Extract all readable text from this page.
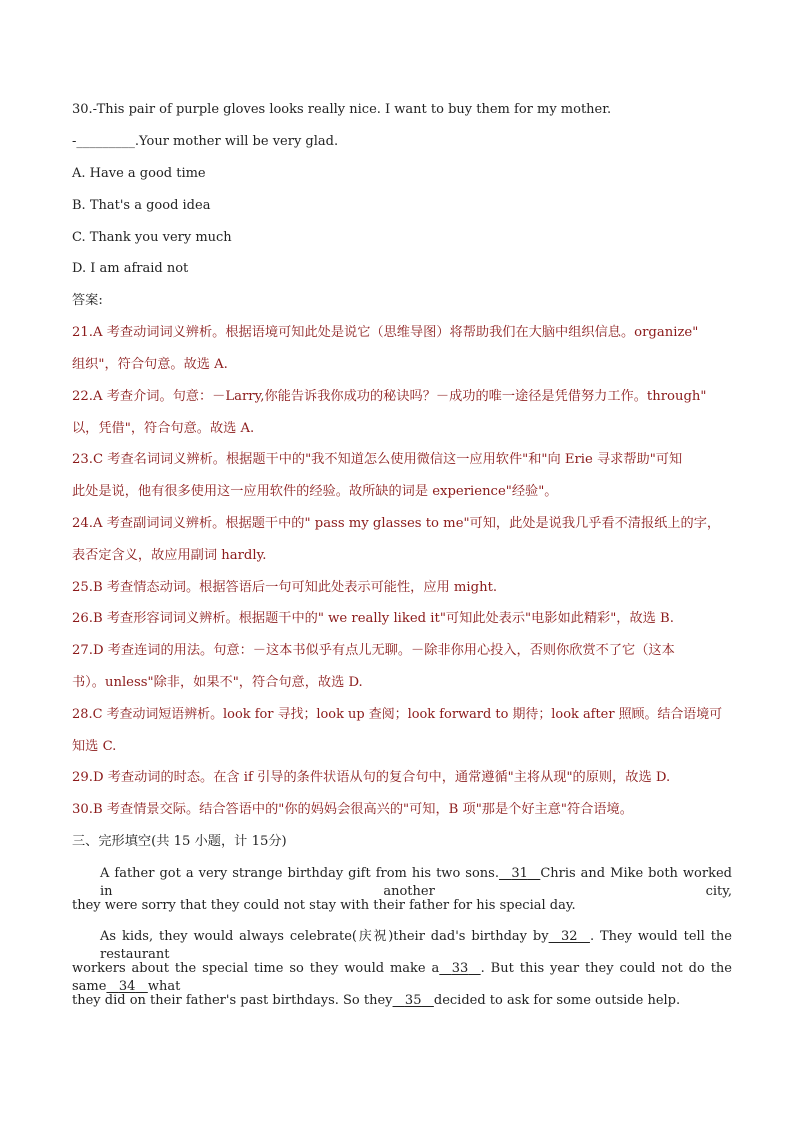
30.-This pair of purple gloves looks really nice. I want to buy them for my mother.
-_________.Your mother will be very glad.
A. Have a good time
B. That's a good idea
C. Thank you very much
D. I am afraid not
答案:
21.A 考查动词词义辨析。根据语境可知此处是说它（思维导图）将帮助我们在大脑中组织信息。organize"
组织"，符合句意。故选 A.
22.A 考查介词。句意：－Larry,你能告诉我你成功的秘诀吗？－成功的唯一途径是凭借努力工作。through"
以，凭借"，符合句意。故选 A.
23.C 考查名词词义辨析。根据题干中的"我不知道怎么使用微信这一应用软件"和"向 Erie 寻求帮助"可知
此处是说，他有很多使用这一应用软件的经验。故所缺的词是 experience"经验"。
24.A 考查副词词义辨析。根据题干中的" pass my glasses to me"可知，此处是说我几乎看不清报纸上的字，
表否定含义，故应用副词 hardly.
25.B 考查情态动词。根据答语后一句可知此处表示可能性，应用 might.
26.B 考查形容词词义辨析。根据题干中的" we really liked it"可知此处表示"电影如此精彩"，故选 B.
27.D 考查连词的用法。句意：－这本书似乎有点儿无聊。－除非你用心投入，否则你欣赏不了它（这本
书）。unless"除非，如果不"，符合句意，故选 D.
28.C 考查动词短语辨析。look for 寻找；look up 查阅；look forward to 期待；look after 照顾。结合语境可
知选 C.
29.D 考查动词的时态。在含 if 引导的条件状语从句的复合句中，通常遵循"主将从现"的原则，故选 D.
30.B 考查情景交际。结合答语中的"你的妈妈会很高兴的"可知，B 项"那是个好主意"符合语境。
三、完形填空(共 15 小题，计 15分)
A father got a very strange birthday gift from his two sons. 31 Chris and Mike both worked in another city,
they were sorry that they could not stay with their father for his special day.
As kids, they would always celebrate(庆祝)their dad's birthday by 32 . They would tell the restaurant
workers about the special time so they would make a 33 . But this year they could not do the same 34 what
they did on their father's past birthdays. So they 35 decided to ask for some outside help.
